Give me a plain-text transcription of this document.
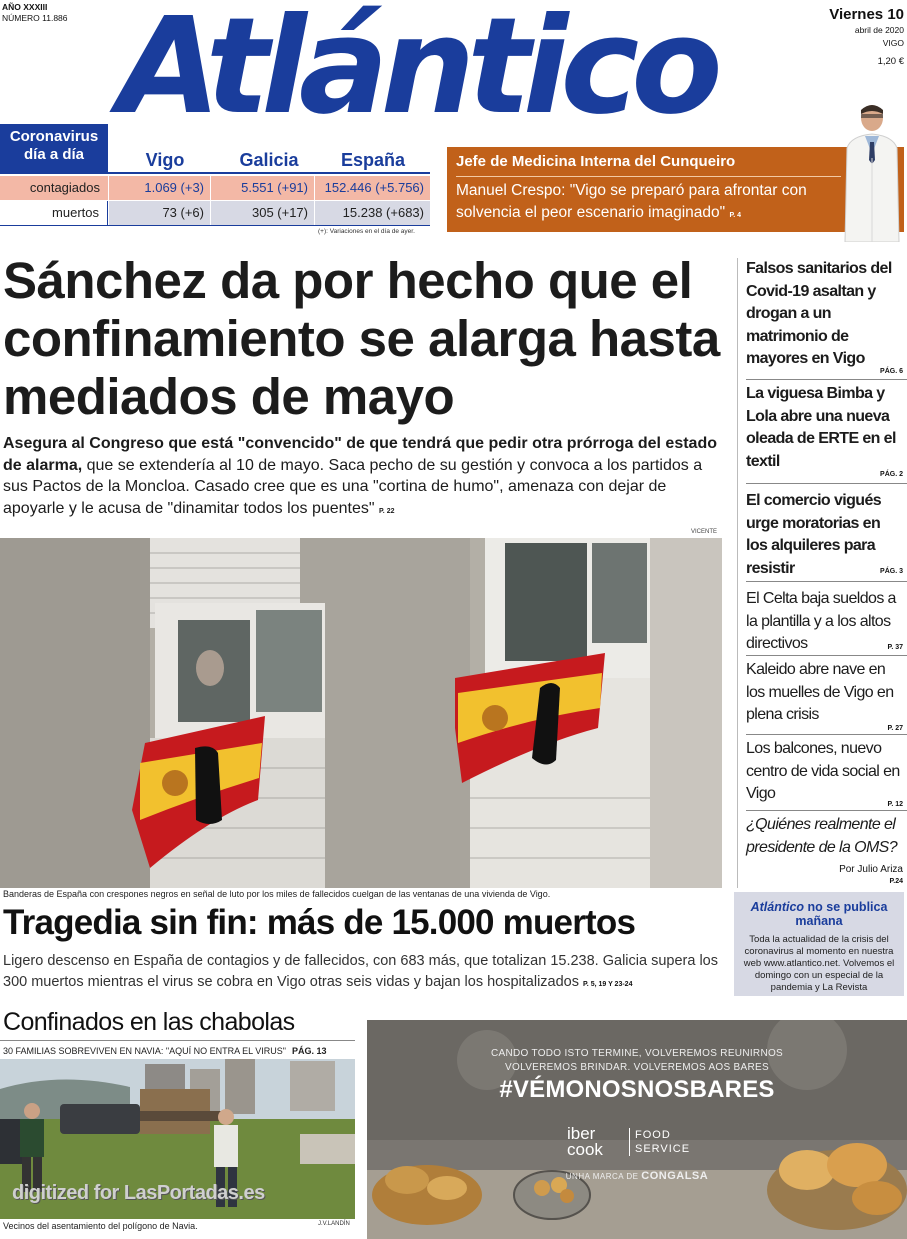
AÑO XXXIII
NÚMERO 11.886 Atlántico	Viernes 10
abril de 2020
VIGO
1,20 €
Coronavirus día a día	Vigo	Galicia	España
contagiados	1.069 (+3)	5.551 (+91)	152.446 (+5.756)
muertos	73 (+6)	305 (+17)	15.238 (+683)
(+): Variaciones en el día de ayer.
Jefe de Medicina Interna del Cunqueiro
Manuel Crespo: "Vigo se preparó para afrontar con solvencia el peor escenario imaginado" P. 4
Sánchez da por hecho que el confinamiento se alarga hasta mediados de mayo
Asegura al Congreso que está "convencido" de que tendrá que pedir otra prórroga del estado de alarma, que se extendería al 10 de mayo. Saca pecho de su gestión y convoca a los partidos a sus Pactos de la Moncloa. Casado cree que es una "cortina de humo", amenaza con dejar de apoyarle y le acusa de "dinamitar todos los puentes" P. 22
VICENTE
Banderas de España con crespones negros en señal de luto por los miles de fallecidos cuelgan de las ventanas de una vivienda de Vigo.
Tragedia sin fin: más de 15.000 muertos
Ligero descenso en España de contagios y de fallecidos, con 683 más, que totalizan 15.238. Galicia supera los 300 muertos mientras el virus se cobra en Vigo otras seis vidas y bajan los hospitalizados P. 5, 19 Y 23-24
Falsos sanitarios del Covid-19 asaltan y drogan a un matrimonio de mayores en Vigo
PÁG. 6
La viguesa Bimba y Lola abre una nueva oleada de ERTE en el textil
PÁG. 2
El comercio vigués urge moratorias en los alquileres para resistir	PÁG. 3
El Celta baja sueldos a la plantilla y a los altos directivos	P. 37
Kaleido abre nave en los muelles de Vigo en plena crisis
P. 27
Los balcones, nuevo centro de vida social en Vigo
P. 12
¿Quiénes realmente el presidente de la OMS?
Por Julio Ariza
P.24
Atlántico no se publica mañana
Toda la actualidad de la crisis del coronavirus al momento en nuestra web www.atlantico.net. Volvemos el domingo con un especial de la pandemia y La Revista
Confinados en las chabolas
30 FAMILIAS SOBREVIVEN EN NAVIA: "AQUÍ NO ENTRA EL VIRUS" PÁG. 13
Vecinos del asentamiento del polígono de Navia.	J.V.LANDÍN
digitized for LasPortadas.es
CANDO TODO ISTO TERMINE, VOLVEREMOS REUNIRNOS
VOLVEREMOS BRINDAR. VOLVEREMOS AOS BARES
#VÉMONOSNOSBARES
iber cook
FOOD SERVICE
UNHA MARCA DE CONGALSA
